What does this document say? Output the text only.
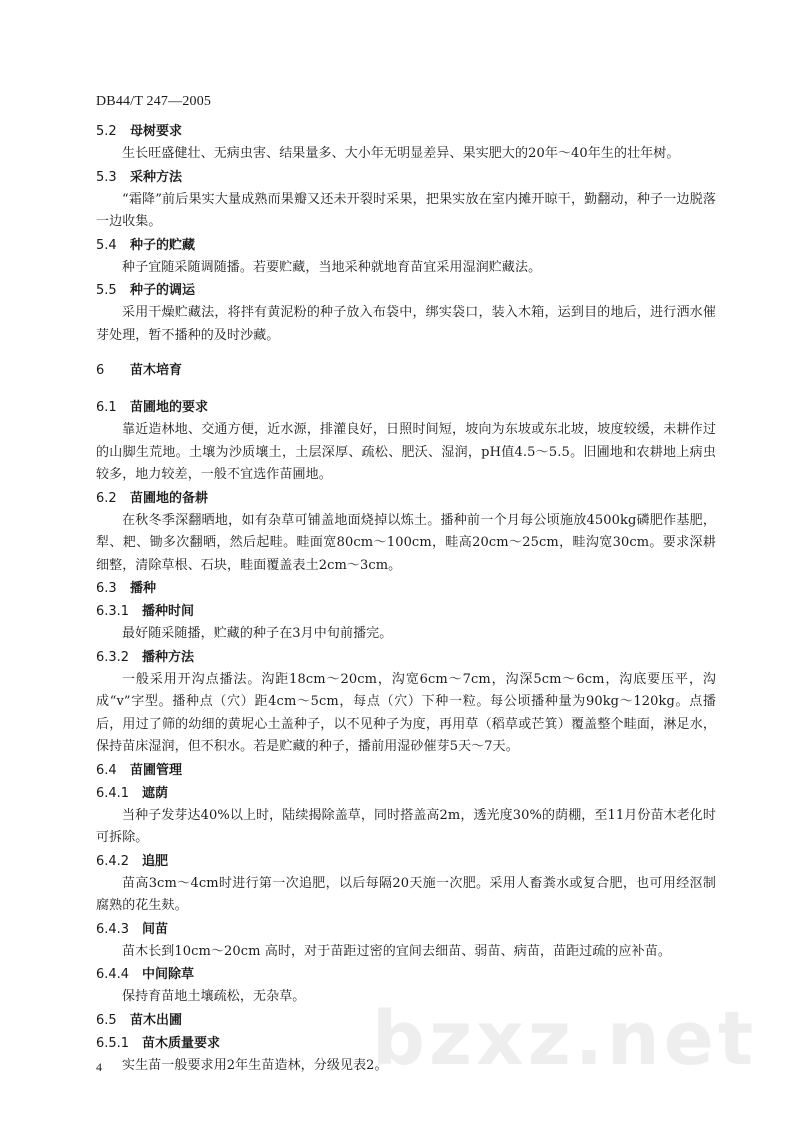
DB44/T 247—2005
5.2 母树要求
生长旺盛健壮、无病虫害、结果量多、大小年无明显差异、果实肥大的20年～40年生的壮年树。
5.3 采种方法
“霜降”前后果实大量成熟而果瓣又还未开裂时采果，把果实放在室内摊开晾干，勤翻动，种子一边脱落一边收集。
5.4 种子的贮藏
种子宜随采随调随播。若要贮藏，当地采种就地育苗宜采用湿润贮藏法。
5.5 种子的调运
采用干燥贮藏法，将拌有黄泥粉的种子放入布袋中，绑实袋口，装入木箱，运到目的地后，进行洒水催芽处理，暂不播种的及时沙藏。
6 苗木培育
6.1 苗圃地的要求
靠近造林地、交通方便，近水源，排灌良好，日照时间短，坡向为东坡或东北坡，坡度较缓，未耕作过的山脚生荒地。土壤为沙质壤土，土层深厚、疏松、肥沃、湿润，pH值4.5～5.5。旧圃地和农耕地上病虫较多，地力较差，一般不宜选作苗圃地。
6.2 苗圃地的备耕
在秋冬季深翻晒地，如有杂草可铺盖地面烧掉以炼土。播种前一个月每公顷施放4500kg磷肥作基肥，犁、耙、锄多次翻晒，然后起畦。畦面宽80cm～100cm，畦高20cm～25cm，畦沟宽30cm。要求深耕细整，清除草根、石块，畦面覆盖表土2cm～3cm。
6.3 播种
6.3.1 播种时间
最好随采随播，贮藏的种子在3月中旬前播完。
6.3.2 播种方法
一般采用开沟点播法。沟距18cm～20cm，沟宽6cm～7cm，沟深5cm～6cm，沟底要压平，沟成“v”字型。播种点（穴）距4cm～5cm，每点（穴）下种一粒。每公顷播种量为90kg～120kg。点播后，用过了筛的幼细的黄坭心土盖种子，以不见种子为度，再用草（稻草或芒箕）覆盖整个畦面，淋足水，保持苗床湿润，但不积水。若是贮藏的种子，播前用湿砂催芽5天～7天。
6.4 苗圃管理
6.4.1 遮荫
当种子发芽达40%以上时，陆续揭除盖草，同时搭盖高2m，透光度30%的荫棚，至11月份苗木老化时可拆除。
6.4.2 追肥
苗高3cm～4cm时进行第一次追肥，以后每隔20天施一次肥。采用人畜粪水或复合肥，也可用经沤制腐熟的花生麸。
6.4.3 间苗
苗木长到10cm～20cm 高时，对于苗距过密的宜间去细苗、弱苗、病苗，苗距过疏的应补苗。
6.4.4 中间除草
保持育苗地土壤疏松，无杂草。
6.5 苗木出圃
6.5.1 苗木质量要求
实生苗一般要求用2年生苗造林，分级见表2。
4	bzxz.net
